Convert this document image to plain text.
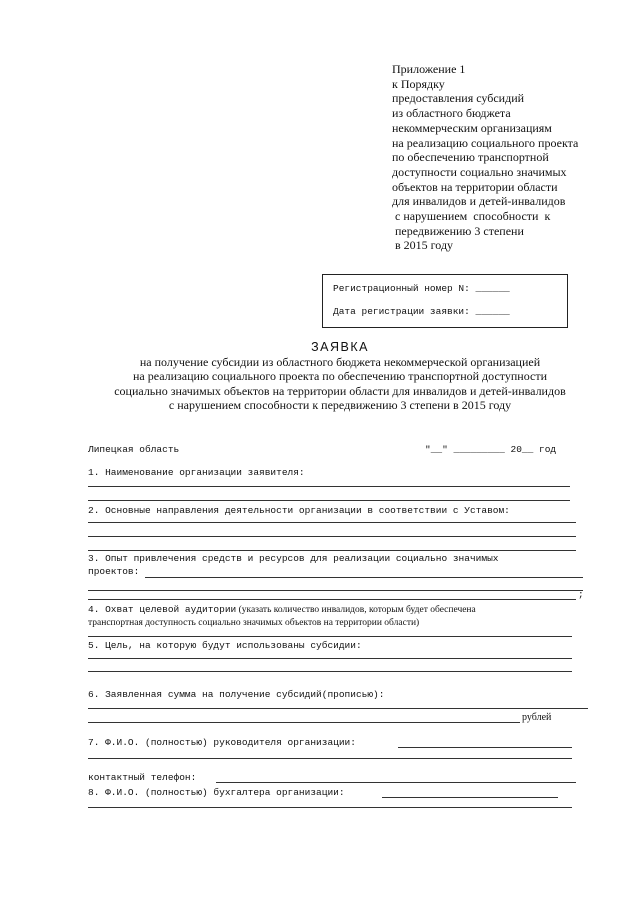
Приложение 1
к Порядку
предоставления субсидий
из областного бюджета
некоммерческим организациям
на реализацию социального проекта
по обеспечению транспортной
доступности социально значимых
объектов на территории области
для инвалидов и детей-инвалидов
с нарушением  способности  к
передвижению 3 степени
в 2015 году
Регистрационный номер N: ______
Дата регистрации заявки: ______
ЗАЯВКА
на получение субсидии из областного бюджета некоммерческой организацией
на реализацию социального проекта по обеспечению транспортной доступности
социально значимых объектов на территории области для инвалидов и детей-инвалидов
с нарушением способности к передвижению 3 степени в 2015 году
Липецкая область	"__" _________ 20__ год
1. Наименование организации заявителя:
2. Основные направления деятельности организации в соответствии с Уставом:
3. Опыт привлечения средств и ресурсов для реализации социально значимых
проектов:
;
4. Охват целевой аудитории (указать количество инвалидов, которым будет обеспечена
транспортная доступность социально значимых объектов на территории области)
5. Цель, на которую будут использованы субсидии:
6. Заявленная сумма на получение субсидий(прописью):
рублей
7. Ф.И.О. (полностью) руководителя организации:
контактный телефон:
8. Ф.И.О. (полностью) бухгалтера организации:
